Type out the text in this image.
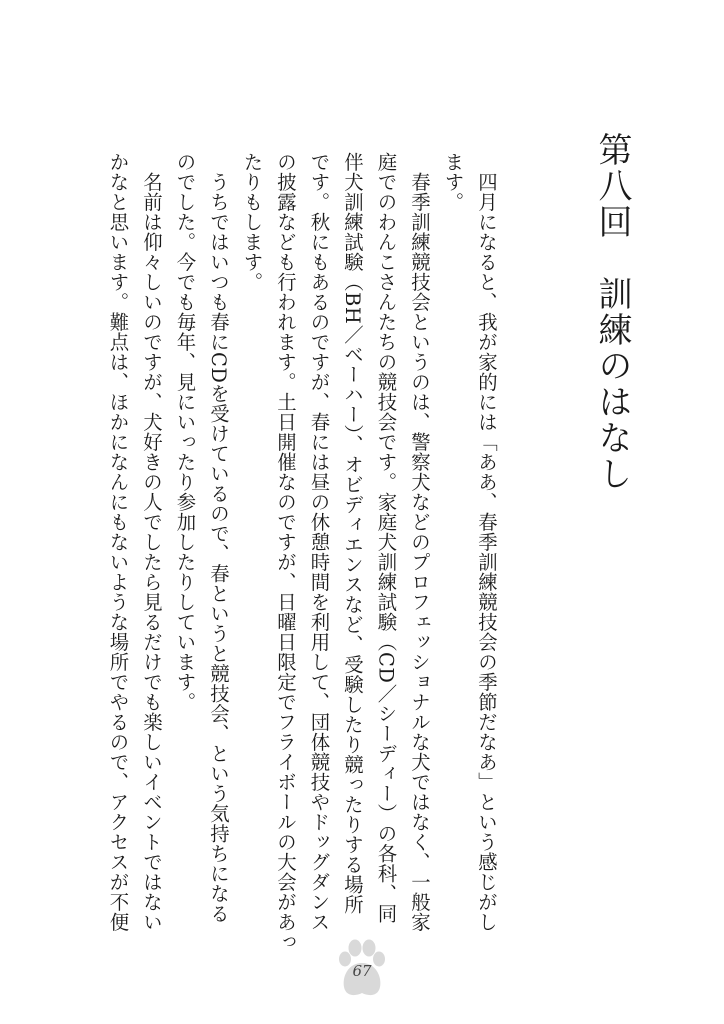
第八回　訓練のはなし
　四月になると、我が家的には「ああ、春季訓練競技会の季節だなあ」という感じがし
ます。
　春季訓練競技会というのは、警察犬などのプロフェッショナルな犬ではなく、一般家
庭でのわんこさんたちの競技会です。家庭犬訓練試験（CD／シーディー）の各科、同
伴犬訓練試験（BH／ベーハー）、オビディエンスなど、受験したり競ったりする場所
です。秋にもあるのですが、春には昼の休憩時間を利用して、団体競技やドッグダンス
の披露なども行われます。土日開催なのですが、日曜日限定でフライボールの大会があっ
たりもします。
　うちではいつも春にCDを受けているので、春というと競技会、という気持ちになる
のでした。今でも毎年、見にいったり参加したりしています。
　名前は仰々しいのですが、犬好きの人でしたら見るだけでも楽しいイベントではない
かなと思います。難点は、ほかになんにもないような場所でやるので、アクセスが不便
67
